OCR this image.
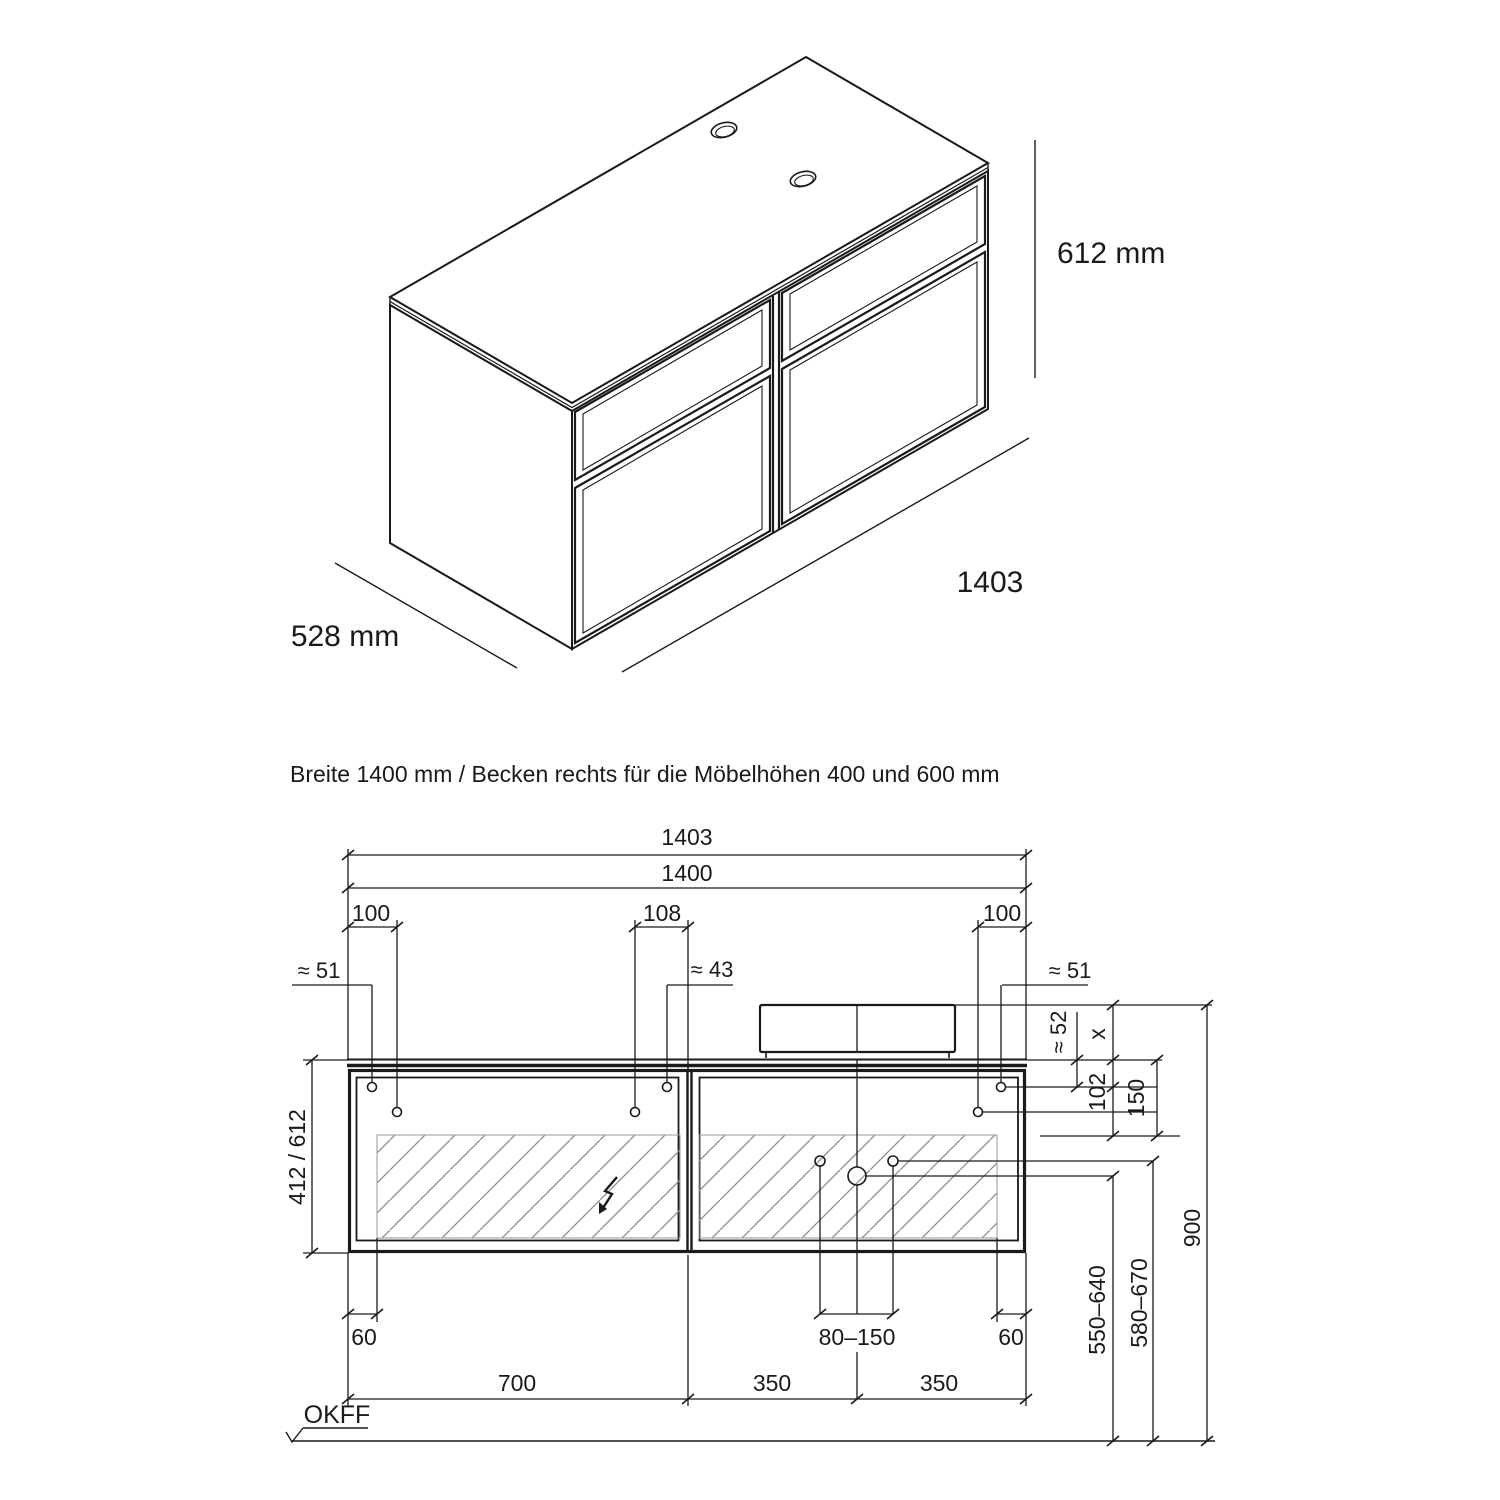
612 mm
528 mm
1403
Breite 1400 mm / Becken rechts für die Möbelhöhen 400 und 600 mm
1403
1400
100	108	100
≈ 51	≈ 43	≈ 51
≈ 52 x
102 150
900
550–640 580–670
412 / 612
60	80–150	60
700	350	350
OKFF
